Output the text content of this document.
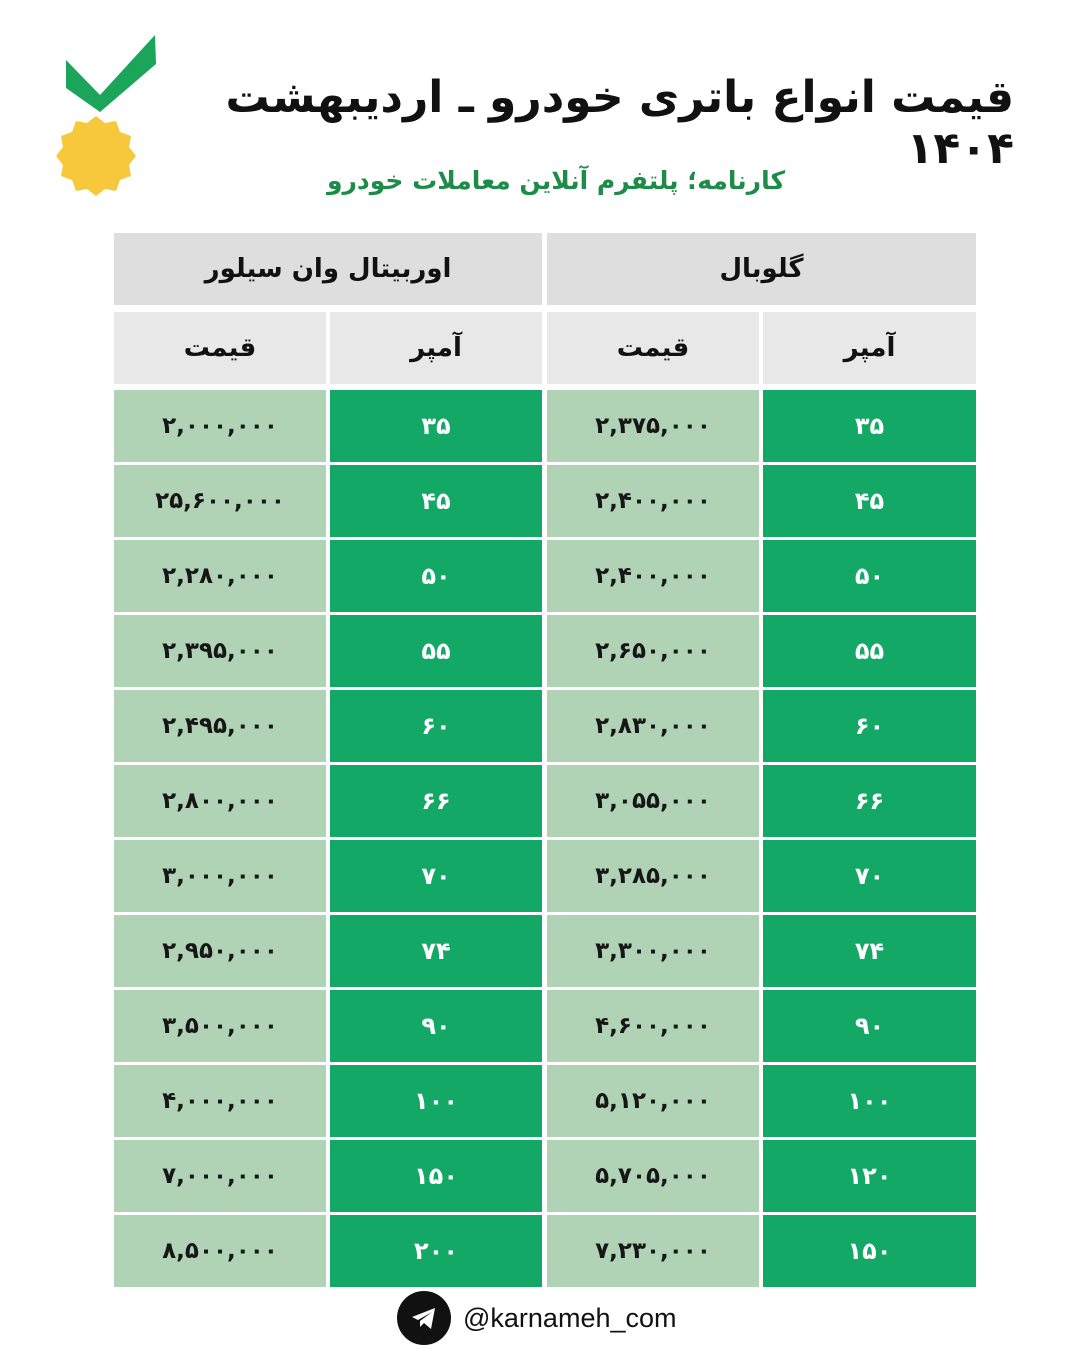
قیمت انواع باتری خودرو ـ اردیبهشت ۱۴۰۴
کارنامه؛ پلتفرم آنلاین معاملات خودرو
اوربیتال وان سیلور	گلوبال
قیمت	آمپر	قیمت	آمپر
۲,۰۰۰,۰۰۰	۳۵	۲,۳۷۵,۰۰۰	۳۵
۲۵,۶۰۰,۰۰۰	۴۵	۲,۴۰۰,۰۰۰	۴۵
۲,۲۸۰,۰۰۰	۵۰	۲,۴۰۰,۰۰۰	۵۰
۲,۳۹۵,۰۰۰	۵۵	۲,۶۵۰,۰۰۰	۵۵
۲,۴۹۵,۰۰۰	۶۰	۲,۸۳۰,۰۰۰	۶۰
۲,۸۰۰,۰۰۰	۶۶	۳,۰۵۵,۰۰۰	۶۶
۳,۰۰۰,۰۰۰	۷۰	۳,۲۸۵,۰۰۰	۷۰
۲,۹۵۰,۰۰۰	۷۴	۳,۳۰۰,۰۰۰	۷۴
۳,۵۰۰,۰۰۰	۹۰	۴,۶۰۰,۰۰۰	۹۰
۴,۰۰۰,۰۰۰	۱۰۰	۵,۱۲۰,۰۰۰	۱۰۰
۷,۰۰۰,۰۰۰	۱۵۰	۵,۷۰۵,۰۰۰	۱۲۰
۸,۵۰۰,۰۰۰	۲۰۰	۷,۲۳۰,۰۰۰	۱۵۰
@karnameh_com
